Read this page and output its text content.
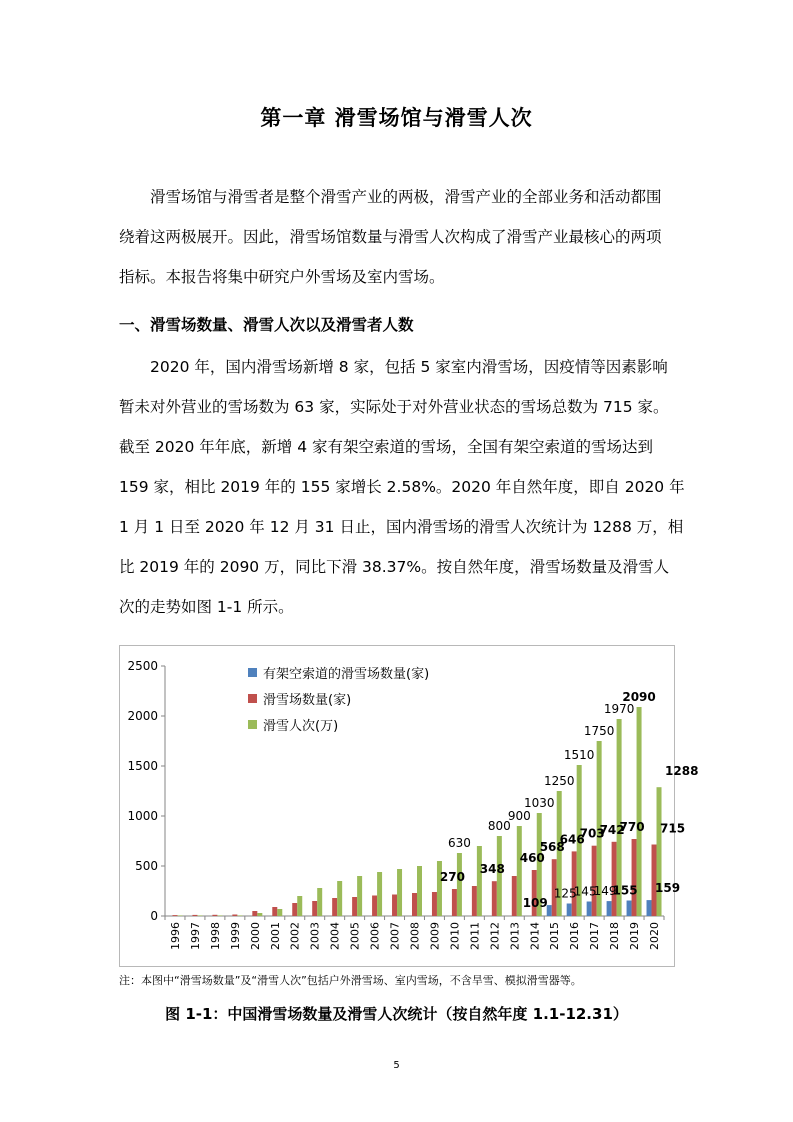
第一章 滑雪场馆与滑雪人次
滑雪场馆与滑雪者是整个滑雪产业的两极，滑雪产业的全部业务和活动都围
绕着这两极展开。因此，滑雪场馆数量与滑雪人次构成了滑雪产业最核心的两项
指标。本报告将集中研究户外雪场及室内雪场。
一、滑雪场数量、滑雪人次以及滑雪者人数
2020 年，国内滑雪场新增 8 家，包括 5 家室内滑雪场，因疫情等因素影响
暂未对外营业的雪场数为 63 家，实际处于对外营业状态的雪场总数为 715 家。
截至 2020 年年底，新增 4 家有架空索道的雪场，全国有架空索道的雪场达到
159 家，相比 2019 年的 155 家增长 2.58%。2020 年自然年度，即自 2020 年
1 月 1 日至 2020 年 12 月 31 日止，国内滑雪场的滑雪人次统计为 1288 万，相
比 2019 年的 2090 万，同比下滑 38.37%。按自然年度，滑雪场数量及滑雪人
次的走势如图 1-1 所示。
0
500
1000
1500
2000
2500
1996 1997 1998 1999 2000 2001 2002 2003 2004 2005 2006 2007 2008 2009 2010 2011 2012 2013 2014 2015 2016 2017 2018 2019 2020
630
800
900
1030
1250
1510
1750
1970
2090
1288
270
348
460
568
646
703
742
770 715
109
125
145
149
155 159
有架空索道的滑雪场数量(家)
滑雪场数量(家)
滑雪人次(万)
注：本图中“滑雪场数量”及“滑雪人次”包括户外滑雪场、室内雪场，不含旱雪、模拟滑雪器等。
图 1-1：中国滑雪场数量及滑雪人次统计（按自然年度 1.1-12.31）
5
